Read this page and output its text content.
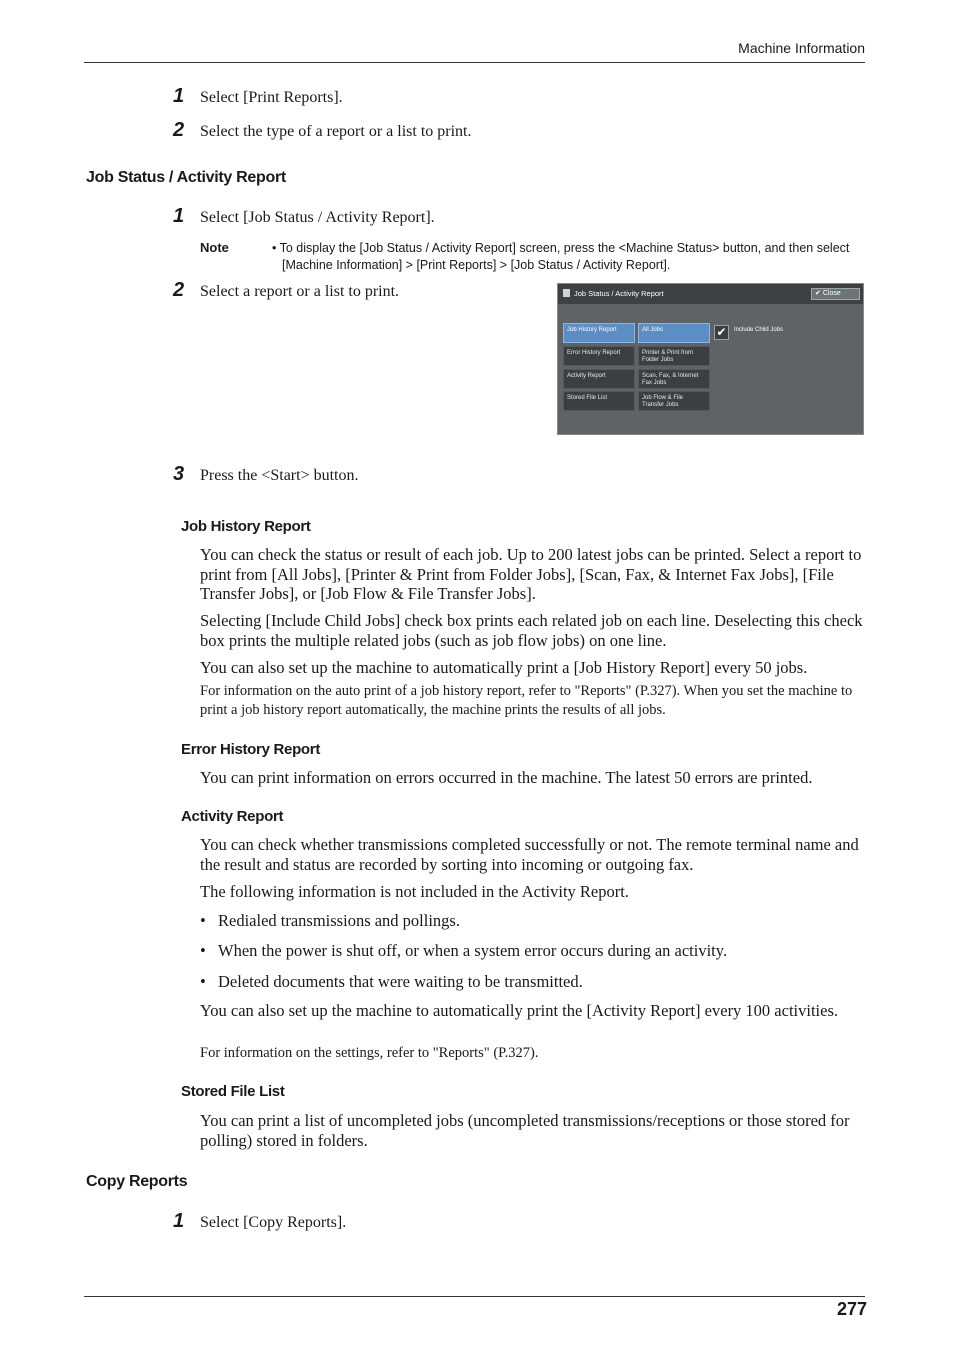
Machine Information
1 Select [Print Reports].
2 Select the type of a report or a list to print.
Job Status / Activity Report
1 Select [Job Status / Activity Report].
Note	• To display the [Job Status / Activity Report] screen, press the <Machine Status> button, and then select [Machine Information] > [Print Reports] > [Job Status / Activity Report].
2 Select a report or a list to print.	Job Status / Activity Report	✔ Close
Job History Report
Error History Report
Activity Report
Stored File List
All Jobs
Printer & Print from Folder Jobs
Scan, Fax, & Internet Fax Jobs
Job Flow & File Transfer Jobs
✔	Include Child Jobs
3 Press the <Start> button.
Job History Report
You can check the status or result of each job. Up to 200 latest jobs can be printed. Select a report to print from [All Jobs], [Printer & Print from Folder Jobs], [Scan, Fax, & Internet Fax Jobs], [File Transfer Jobs], or [Job Flow & File Transfer Jobs].
Selecting [Include Child Jobs] check box prints each related job on each line. Deselecting this check box prints the multiple related jobs (such as job flow jobs) on one line.
You can also set up the machine to automatically print a [Job History Report] every 50 jobs.
For information on the auto print of a job history report, refer to "Reports" (P.327). When you set the machine to print a job history report automatically, the machine prints the results of all jobs.
Error History Report
You can print information on errors occurred in the machine. The latest 50 errors are printed.
Activity Report
You can check whether transmissions completed successfully or not. The remote terminal name and the result and status are recorded by sorting into incoming or outgoing fax.
The following information is not included in the Activity Report.
• Redialed transmissions and pollings.
• When the power is shut off, or when a system error occurs during an activity.
• Deleted documents that were waiting to be transmitted.
You can also set up the machine to automatically print the [Activity Report] every 100 activities.
For information on the settings, refer to "Reports" (P.327).
Stored File List
You can print a list of uncompleted jobs (uncompleted transmissions/receptions or those stored for polling) stored in folders.
Copy Reports
1 Select [Copy Reports].
277
